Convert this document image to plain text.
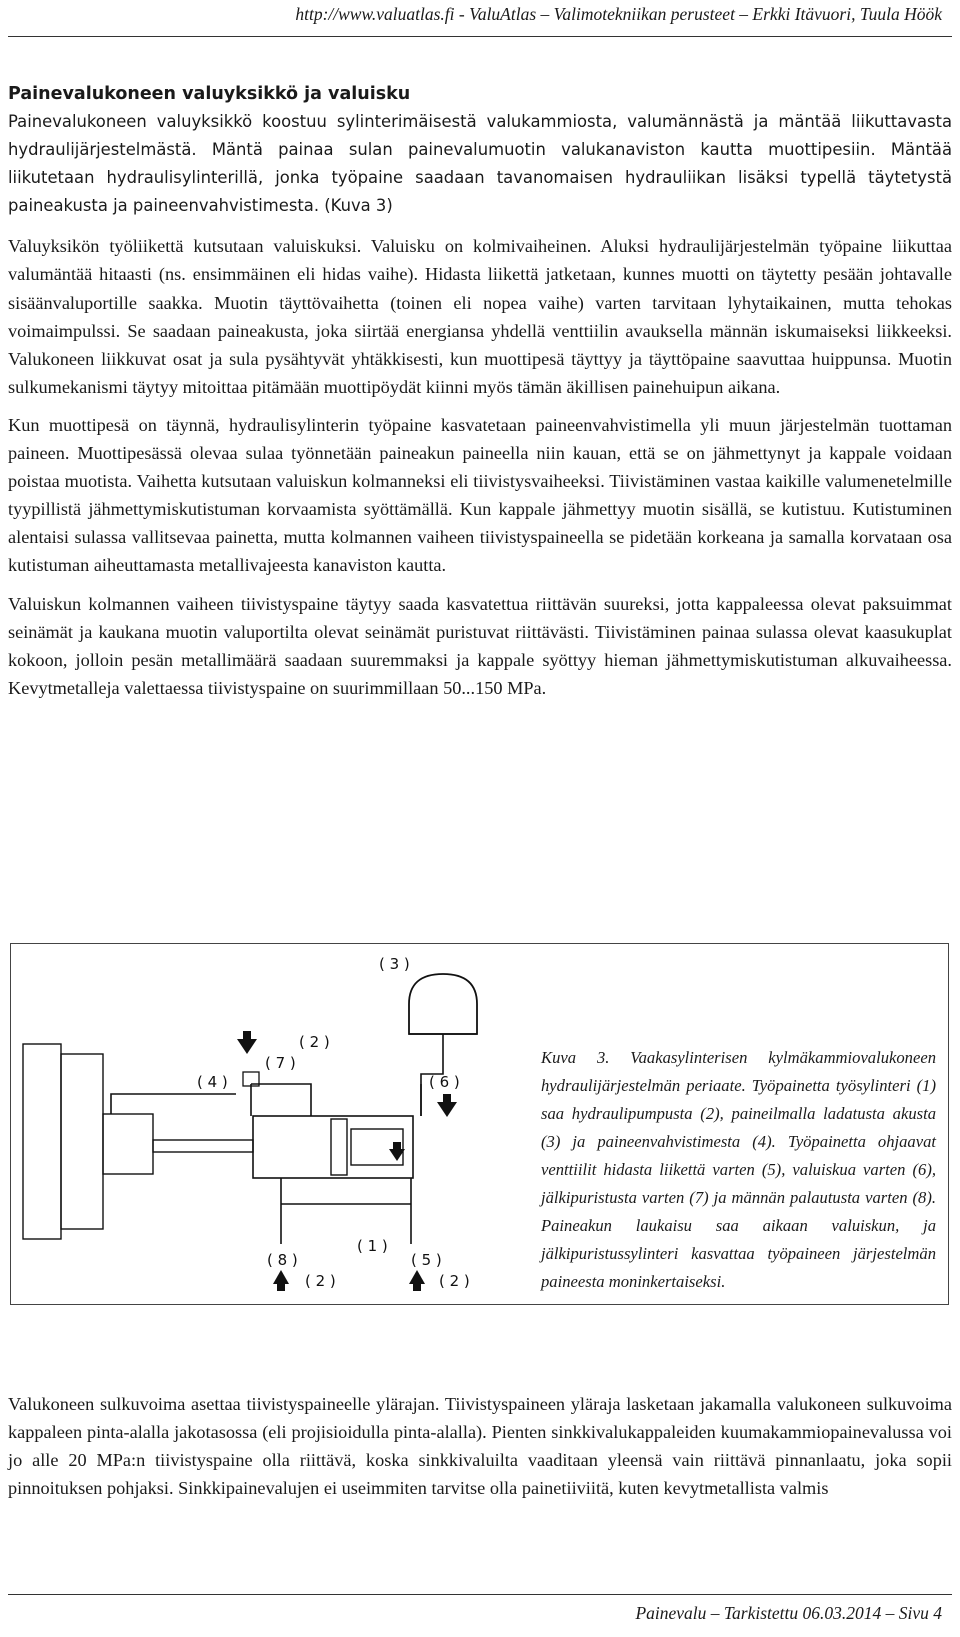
http://www.valuatlas.fi - ValuAtlas – Valimotekniikan perusteet – Erkki Itävuori, Tuula Höök
Painevalukoneen valuyksikkö ja valuisku

Painevalukoneen valuyksikkö koostuu sylinterimäisestä valukammiosta, valumännästä ja mäntää liikuttavasta hydraulijärjestelmästä. Mäntä painaa sulan painevalumuotin valukanaviston kautta muottipesiin. Mäntää liikutetaan hydraulisylinterillä, jonka työpaine saadaan tavanomaisen hydrauliikan lisäksi typellä täytetystä paineakusta ja paineenvahvistimesta. (Kuva 3)

Valuyksikön työliikettä kutsutaan valuiskuksi. Valuisku on kolmivaiheinen. Aluksi hydraulijärjestelmän työpaine liikuttaa valumäntää hitaasti (ns. ensimmäinen eli hidas vaihe). Hidasta liikettä jatketaan, kunnes muotti on täytetty pesään johtavalle sisäänvaluportille saakka. Muotin täyttövaihetta (toinen eli nopea vaihe) varten tarvitaan lyhytaikainen, mutta tehokas voimaimpulssi. Se saadaan paineakusta, joka siirtää energiansa yhdellä venttiilin avauksella männän iskumaiseksi liikkeeksi. Valukoneen liikkuvat osat ja sula pysähtyvät yhtäkkisesti, kun muottipesä täyttyy ja täyttöpaine saavuttaa huippunsa. Muotin sulkumekanismi täytyy mitoittaa pitämään muottipöydät kiinni myös tämän äkillisen painehuipun aikana.

Kun muottipesä on täynnä, hydraulisylinterin työpaine kasvatetaan paineenvahvistimella yli muun järjestelmän tuottaman paineen. Muottipesässä olevaa sulaa työnnetään paineakun paineella niin kauan, että se on jähmettynyt ja kappale voidaan poistaa muotista. Vaihetta kutsutaan valuiskun kolmanneksi eli tiivistysvaiheeksi. Tiivistäminen vastaa kaikille valumenetelmille tyypillistä jähmettymiskutistuman korvaamista syöttämällä. Kun kappale jähmettyy muotin sisällä, se kutistuu. Kutistuminen alentaisi sulassa vallitsevaa painetta, mutta kolmannen vaiheen tiivistyspaineella se pidetään korkeana ja samalla korvataan osa kutistuman aiheuttamasta metallivajeesta kanaviston kautta.

Valuiskun kolmannen vaiheen tiivistyspaine täytyy saada kasvatettua riittävän suureksi, jotta kappaleessa olevat paksuimmat seinämät ja kaukana muotin valuportilta olevat seinämät puristuvat riittävästi. Tiivistäminen painaa sulassa olevat kaasukuplat kokoon, jolloin pesän metallimäärä saadaan suuremmaksi ja kappale syöttyy hieman jähmettymiskutistuman alkuvaiheessa. Kevytmetalleja valettaessa tiivistyspaine on suurimmillaan 50...150 MPa.

( 3 )
( 2 )
( 7 )
( 4 )	( 6 )
( 1 )
( 8 )
( 2 )
( 5 )
( 2 )
Kuva 3. Vaakasylinterisen kylmäkammiovalukoneen hydraulijärjestelmän periaate. Työpainetta työsylinteri (1) saa hydraulipumpusta (2), paineilmalla ladatusta akusta (3) ja paineenvahvistimesta (4). Työpainetta ohjaavat venttiilit hidasta liikettä varten (5), valuiskua varten (6), jälkipuristusta varten (7) ja männän palautusta varten (8). Paineakun laukaisu saa aikaan valuiskun, ja jälkipuristussylinteri kasvattaa työpaineen järjestelmän paineesta moninkertaiseksi.

Valukoneen sulkuvoima asettaa tiivistyspaineelle ylärajan. Tiivistyspaineen yläraja lasketaan jakamalla valukoneen sulkuvoima kappaleen pinta-alalla jakotasossa (eli projisioidulla pinta-alalla). Pienten sinkkivalukappaleiden kuumakammiopainevalussa voi jo alle 20 MPa:n tiivistyspaine olla riittävä, koska sinkkivaluilta vaaditaan yleensä vain riittävä pinnanlaatu, joka sopii pinnoituksen pohjaksi. Sinkkipainevalujen ei useimmiten tarvitse olla painetiiviitä, kuten kevytmetallista valmis

Painevalu – Tarkistettu 06.03.2014 – Sivu 4
